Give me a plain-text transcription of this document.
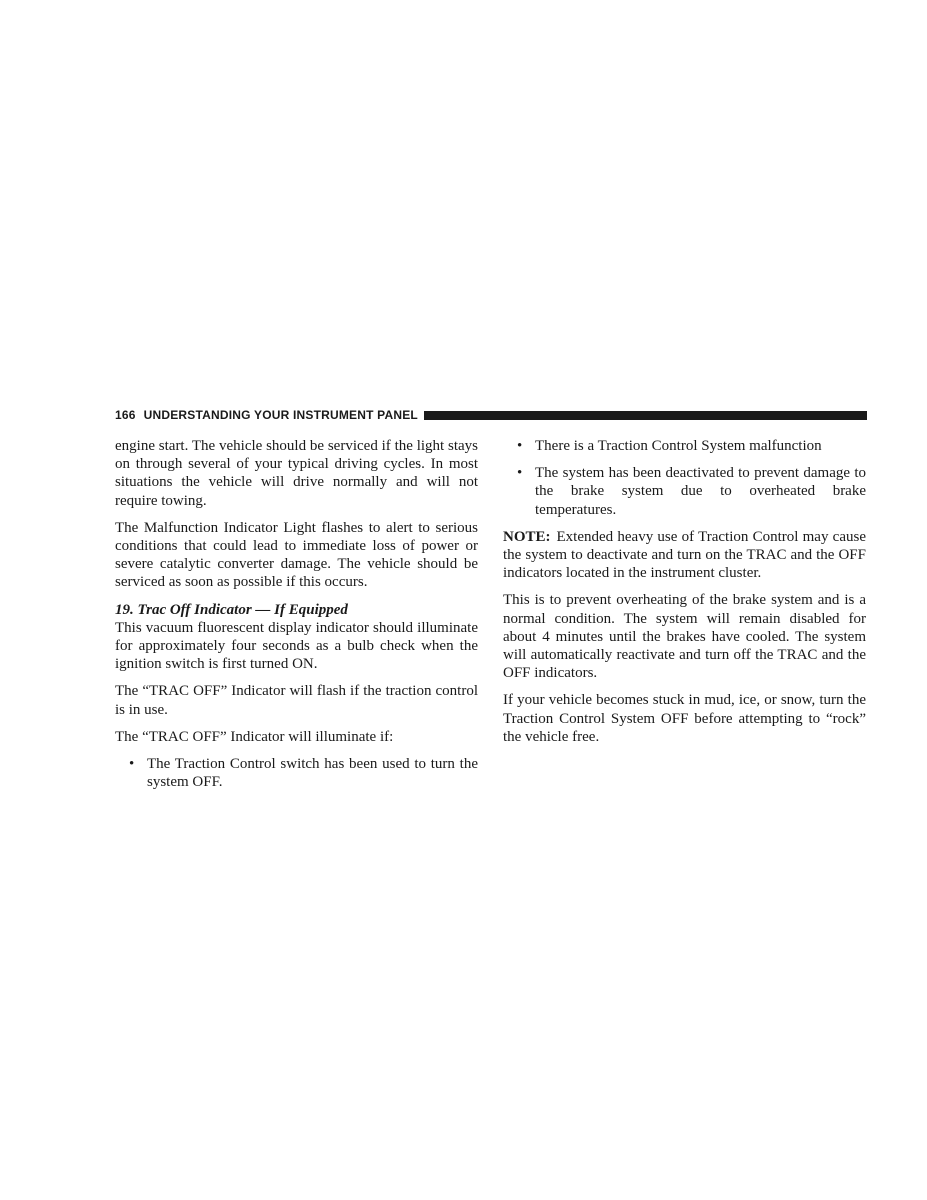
166 UNDERSTANDING YOUR INSTRUMENT PANEL

engine start. The vehicle should be serviced if the light stays on through several of your typical driving cycles. In most situations the vehicle will drive normally and will not require towing.

The Malfunction Indicator Light flashes to alert to serious conditions that could lead to immediate loss of power or severe catalytic converter damage. The vehicle should be serviced as soon as possible if this occurs.

19. Trac Off Indicator — If Equipped

This vacuum fluorescent display indicator should illuminate for approximately four seconds as a bulb check when the ignition switch is first turned ON.

The “TRAC OFF” Indicator will flash if the traction control is in use.

The “TRAC OFF” Indicator will illuminate if:

• The Traction Control switch has been used to turn the system OFF.
• There is a Traction Control System malfunction
• The system has been deactivated to prevent damage to the brake system due to overheated brake temperatures.

NOTE: Extended heavy use of Traction Control may cause the system to deactivate and turn on the TRAC and the OFF indicators located in the instrument cluster.

This is to prevent overheating of the brake system and is a normal condition. The system will remain disabled for about 4 minutes until the brakes have cooled. The system will automatically reactivate and turn off the TRAC and the OFF indicators.

If your vehicle becomes stuck in mud, ice, or snow, turn the Traction Control System OFF before attempting to “rock” the vehicle free.
